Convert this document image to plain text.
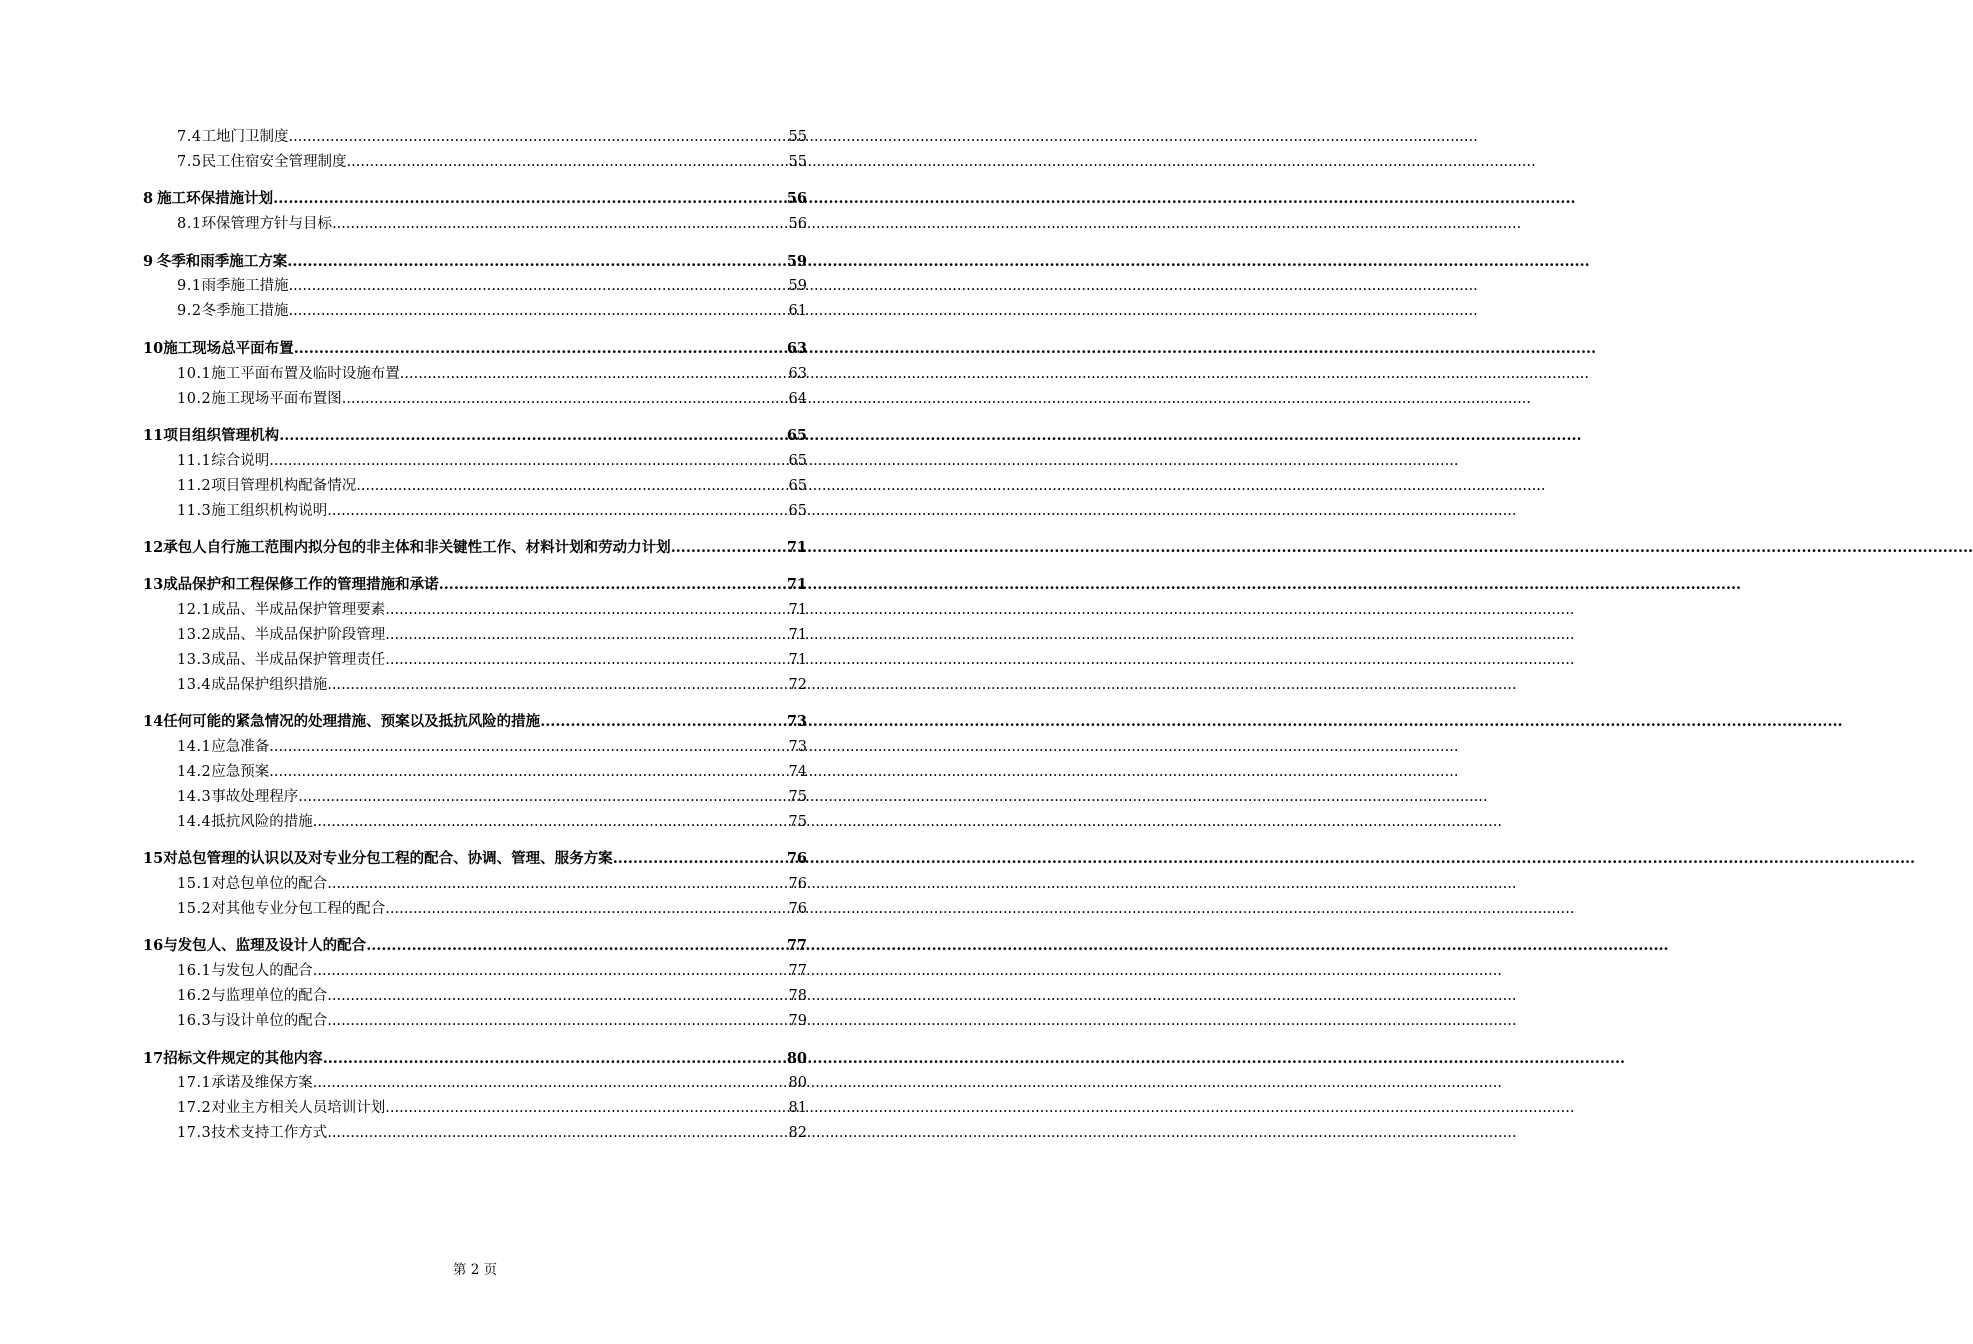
7.4 工地门卫制度 .....	55
7.5 民工住宿安全管理制度 .....	55
8 施工环保措施计划 .....	56
8.1 环保管理方针与目标 .....	56
9 冬季和雨季施工方案 .....	59
9.1 雨季施工措施 .....	59
9.2 冬季施工措施 .....	61
10 施工现场总平面布置 .....	63
10.1 施工平面布置及临时设施布置 .....	63
10.2 施工现场平面布置图 .....	64
11 项目组织管理机构 .....	65
11.1 综合说明 .....	65
11.2 项目管理机构配备情况 .....	65
11.3 施工组织机构说明 .....	65
12 承包人自行施工范围内拟分包的非主体和非关键性工作、材料计划和劳动力计划 .....	71
13 成品保护和工程保修工作的管理措施和承诺 .....	71
12.1 成品、半成品保护管理要素 .....	71
13.2 成品、半成品保护阶段管理 .....	71
13.3 成品、半成品保护管理责任 .....	71
13.4 成品保护组织措施 .....	72
14 任何可能的紧急情况的处理措施、预案以及抵抗风险的措施 .....	73
14.1 应急准备 .....	73
14.2 应急预案 .....	74
14.3 事故处理程序 .....	75
14.4 抵抗风险的措施 .....	75
15 对总包管理的认识以及对专业分包工程的配合、协调、管理、服务方案 .....	76
15.1 对总包单位的配合 .....	76
15.2 对其他专业分包工程的配合 .....	76
16 与发包人、监理及设计人的配合 .....	77
16.1 与发包人的配合 .....	77
16.2 与监理单位的配合 .....	78
16.3 与设计单位的配合 .....	79
17 招标文件规定的其他内容 .....	80
17.1 承诺及维保方案 .....	80
17.2 对业主方相关人员培训计划 .....	81
17.3 技术支持工作方式 .....	82
第 2 页
